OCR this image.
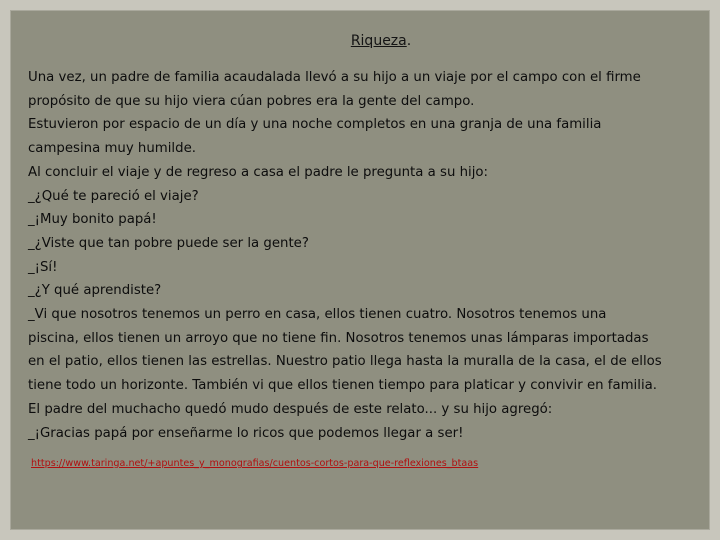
Riqueza.
Una vez, un padre de familia acaudalada llevó a su hijo a un viaje por el campo con el firme
propósito de que su hijo viera cúan pobres era la gente del campo.
Estuvieron por espacio de un día y una noche completos en una granja de una familia
campesina muy humilde.
Al concluir el viaje y de regreso a casa el padre le pregunta a su hijo:
_¿Qué te pareció el viaje?
_¡Muy bonito papá!
_¿Viste que tan pobre puede ser la gente?
_¡Sí!
_¿Y qué aprendiste?
_Vi que nosotros tenemos un perro en casa, ellos tienen cuatro. Nosotros tenemos una
piscina, ellos tienen un arroyo que no tiene fin. Nosotros tenemos unas lámparas importadas
en el patio, ellos tienen las estrellas. Nuestro patio llega hasta la muralla de la casa, el de ellos
tiene todo un horizonte. También vi que ellos tienen tiempo para platicar y convivir en familia.
El padre del muchacho quedó mudo después de este relato... y su hijo agregó:
_¡Gracias papá por enseñarme lo ricos que podemos llegar a ser!
https://www.taringa.net/+apuntes_y_monografias/cuentos-cortos-para-que-reflexiones_btaas
